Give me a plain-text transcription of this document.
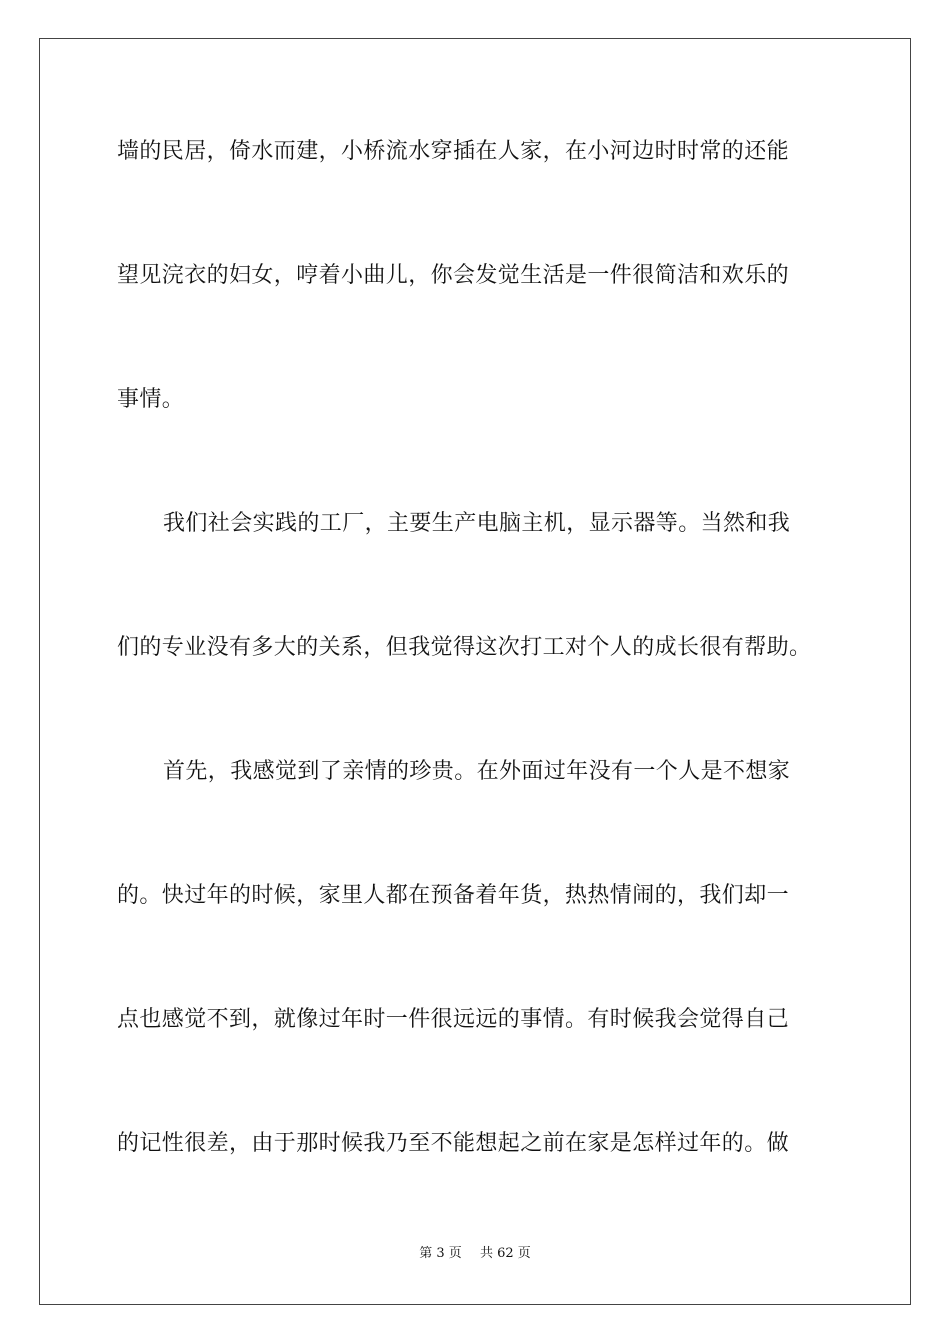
墙的民居，倚水而建，小桥流水穿插在人家，在小河边时时常的还能
望见浣衣的妇女，哼着小曲儿，你会发觉生活是一件很简洁和欢乐的
事情。
我们社会实践的工厂，主要生产电脑主机，显示器等。当然和我
们的专业没有多大的关系，但我觉得这次打工对个人的成长很有帮助。
首先，我感觉到了亲情的珍贵。在外面过年没有一个人是不想家
的。快过年的时候，家里人都在预备着年货，热热情闹的，我们却一
点也感觉不到，就像过年时一件很远远的事情。有时候我会觉得自己
的记性很差，由于那时候我乃至不能想起之前在家是怎样过年的。做
第 3 页 共 62 页
